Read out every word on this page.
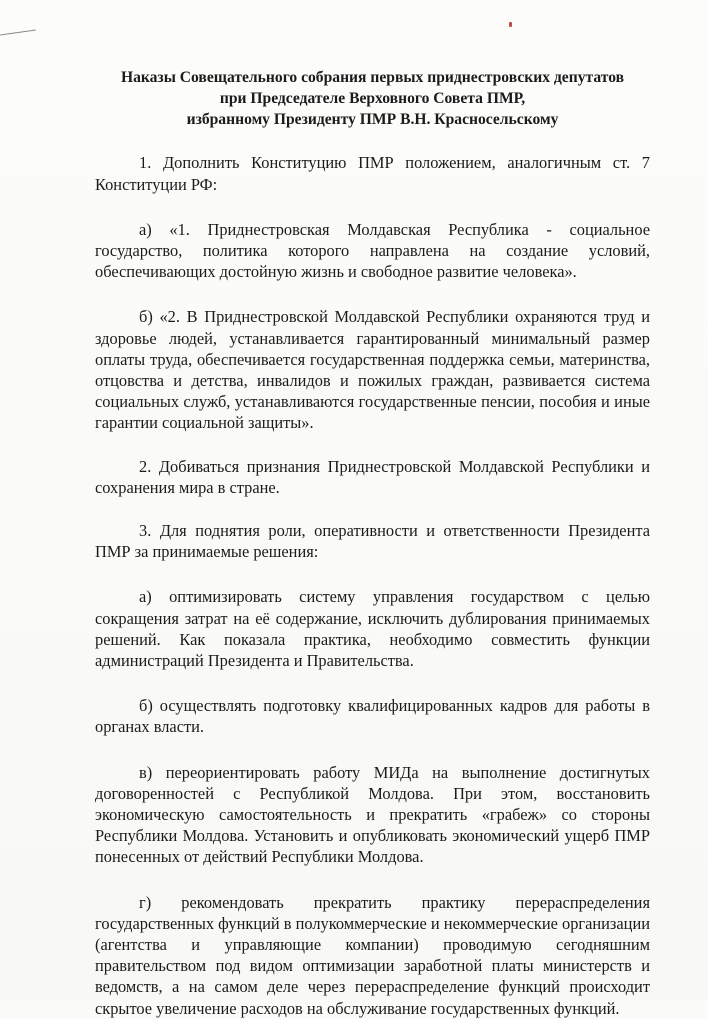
Наказы Совещательного собрания первых приднестровских депутатов
при Председателе Верховного Совета ПМР,
избранному Президенту ПМР В.Н. Красносельскому

1. Дополнить Конституцию ПМР положением, аналогичным ст. 7 Конституции РФ:

а) «1. Приднестровская Молдавская Республика - социальное государство, политика которого направлена на создание условий, обеспечивающих достойную жизнь и свободное развитие человека».

б) «2. В Приднестровской Молдавской Республики охраняются труд и здоровье людей, устанавливается гарантированный минимальный размер оплаты труда, обеспечивается государственная поддержка семьи, материнства, отцовства и детства, инвалидов и пожилых граждан, развивается система социальных служб, устанавливаются государственные пенсии, пособия и иные гарантии социальной защиты».

2. Добиваться признания Приднестровской Молдавской Республики и сохранения мира в стране.

3. Для поднятия роли, оперативности и ответственности Президента ПМР за принимаемые решения:

а) оптимизировать систему управления государством с целью сокращения затрат на её содержание, исключить дублирования принимаемых решений. Как показала практика, необходимо совместить функции администраций Президента и Правительства.

б) осуществлять подготовку квалифицированных кадров для работы в органах власти.

в) переориентировать работу МИДа на выполнение достигнутых договоренностей с Республикой Молдова. При этом, восстановить экономическую самостоятельность и прекратить «грабеж» со стороны Республики Молдова. Установить и опубликовать экономический ущерб ПМР понесенных от действий Республики Молдова.

г) рекомендовать прекратить практику перераспределения государственных функций в полукоммерческие и некоммерческие организации (агентства и управляющие компании) проводимую сегодняшним правительством под видом оптимизации заработной платы министерств и ведомств, а на самом деле через перераспределение функций происходит скрытое увеличение расходов на обслуживание государственных функций.
